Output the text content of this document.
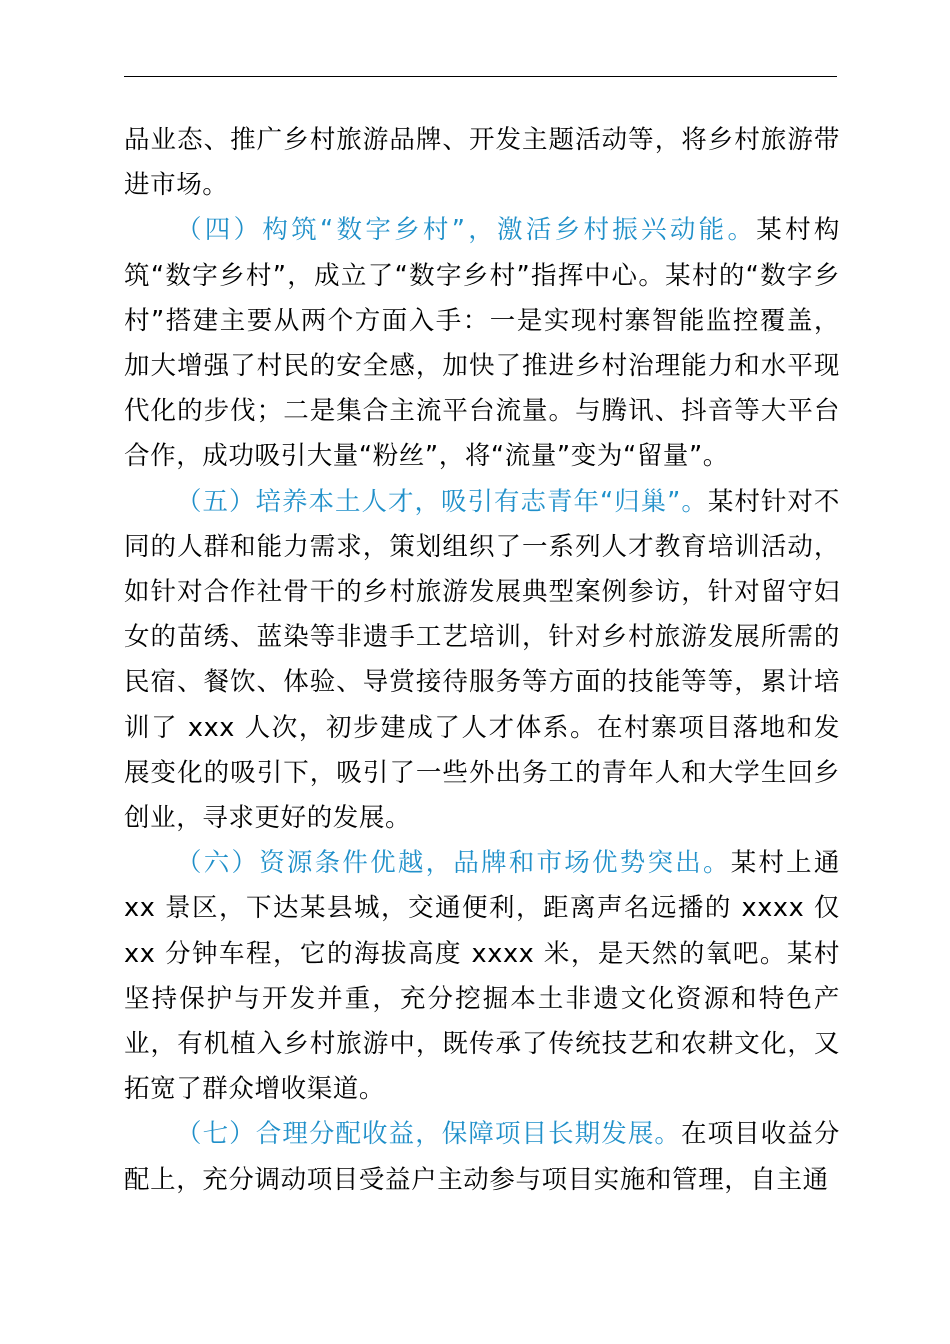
品业态、推广乡村旅游品牌、开发主题活动等，将乡村旅游带进市场。

（四）构筑“数字乡村”，激活乡村振兴动能。某村构筑“数字乡村”，成立了“数字乡村”指挥中心。某村的“数字乡村”搭建主要从两个方面入手：一是实现村寨智能监控覆盖，加大增强了村民的安全感，加快了推进乡村治理能力和水平现代化的步伐；二是集合主流平台流量。与腾讯、抖音等大平台合作，成功吸引大量“粉丝”，将“流量”变为“留量”。

（五）培养本土人才，吸引有志青年“归巢”。某村针对不同的人群和能力需求，策划组织了一系列人才教育培训活动，如针对合作社骨干的乡村旅游发展典型案例参访，针对留守妇女的苗绣、蓝染等非遗手工艺培训，针对乡村旅游发展所需的民宿、餐饮、体验、导赏接待服务等方面的技能等等，累计培训了 xxx 人次，初步建成了人才体系。在村寨项目落地和发展变化的吸引下，吸引了一些外出务工的青年人和大学生回乡创业，寻求更好的发展。

（六）资源条件优越，品牌和市场优势突出。某村上通 xx 景区，下达某县城，交通便利，距离声名远播的 xxxx 仅 xx 分钟车程，它的海拔高度 xxxx 米，是天然的氧吧。某村坚持保护与开发并重，充分挖掘本土非遗文化资源和特色产业，有机植入乡村旅游中，既传承了传统技艺和农耕文化，又拓宽了群众增收渠道。

（七）合理分配收益，保障项目长期发展。在项目收益分配上，充分调动项目受益户主动参与项目实施和管理，自主通
